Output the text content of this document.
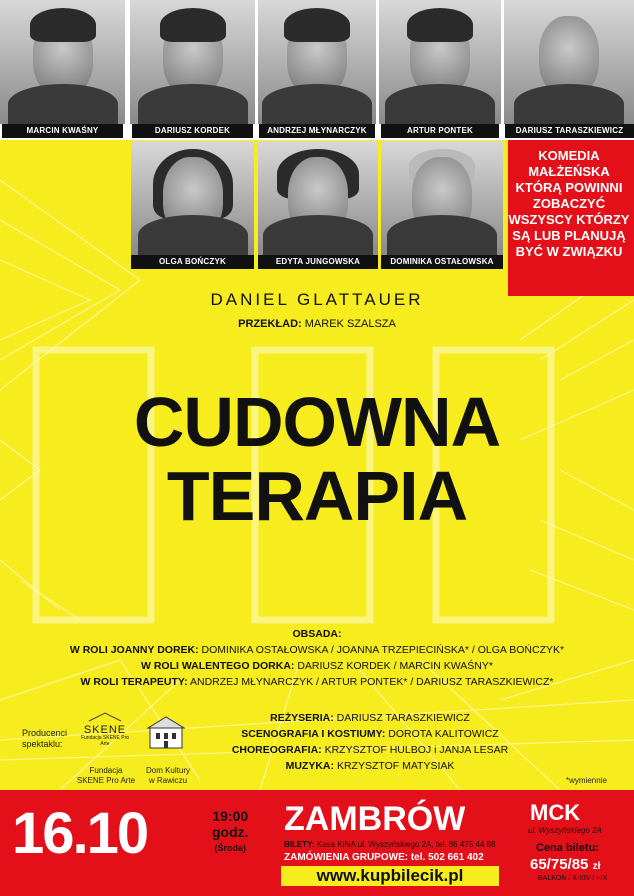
MARCIN KWAŚNY	DARIUSZ KORDEK	ANDRZEJ MŁYNARCZYK	ARTUR PONTEK	DARIUSZ TARASZKIEWICZ
OLGA BOŃCZYK	EDYTA JUNGOWSKA	DOMINIKA OSTAŁOWSKA
KOMEDIA
MAŁŻEŃSKA
KTÓRĄ POWINNI
ZOBACZYĆ
WSZYSCY KTÓRZY
SĄ LUB PLANUJĄ
BYĆ W ZWIĄZKU
DANIEL GLATTAUER
PRZEKŁAD: MAREK SZALSZA
CUDOWNA
TERAPIA
OBSADA:
W ROLI JOANNY DOREK: DOMINIKA OSTAŁOWSKA / JOANNA TRZEPIECIŃSKA* / OLGA BOŃCZYK*
W ROLI WALENTEGO DORKA: DARIUSZ KORDEK / MARCIN KWAŚNY*
W ROLI TERAPEUTY: ANDRZEJ MŁYNARCZYK / ARTUR PONTEK* / DARIUSZ TARASZKIEWICZ*
REŻYSERIA:
DARIUSZ TARASZKIEWICZ
SCENOGRAFIA I KOSTIUMY:
DOROTA KALITOWICZ
CHOREOGRAFIA:
KRZYSZTOF HULBOJ i JANJA LESAR
MUZYKA:
KRZYSZTOF MATYSIAK
Producenci
spektaklu:
SKENE
Fundacja SKENE Pro Arte
Fundacja
SKENE Pro Arte
Dom Kultury
w Rawiczu	*wymiennie
16.10	19:00
godz.
(Środa)
ZAMBRÓW
BILETY: Kasa KINA ul. Wyszyńskiego 2A, tel. 86 475 44 88
ZAMÓWIENIA GRUPOWE: tel. 502 661 402
www.kupbilecik.pl
MCK
ul. Wyszyńskiego 2A
Cena biletu:
65/75/85 zł
BALKON / X-XIV / I-IX
